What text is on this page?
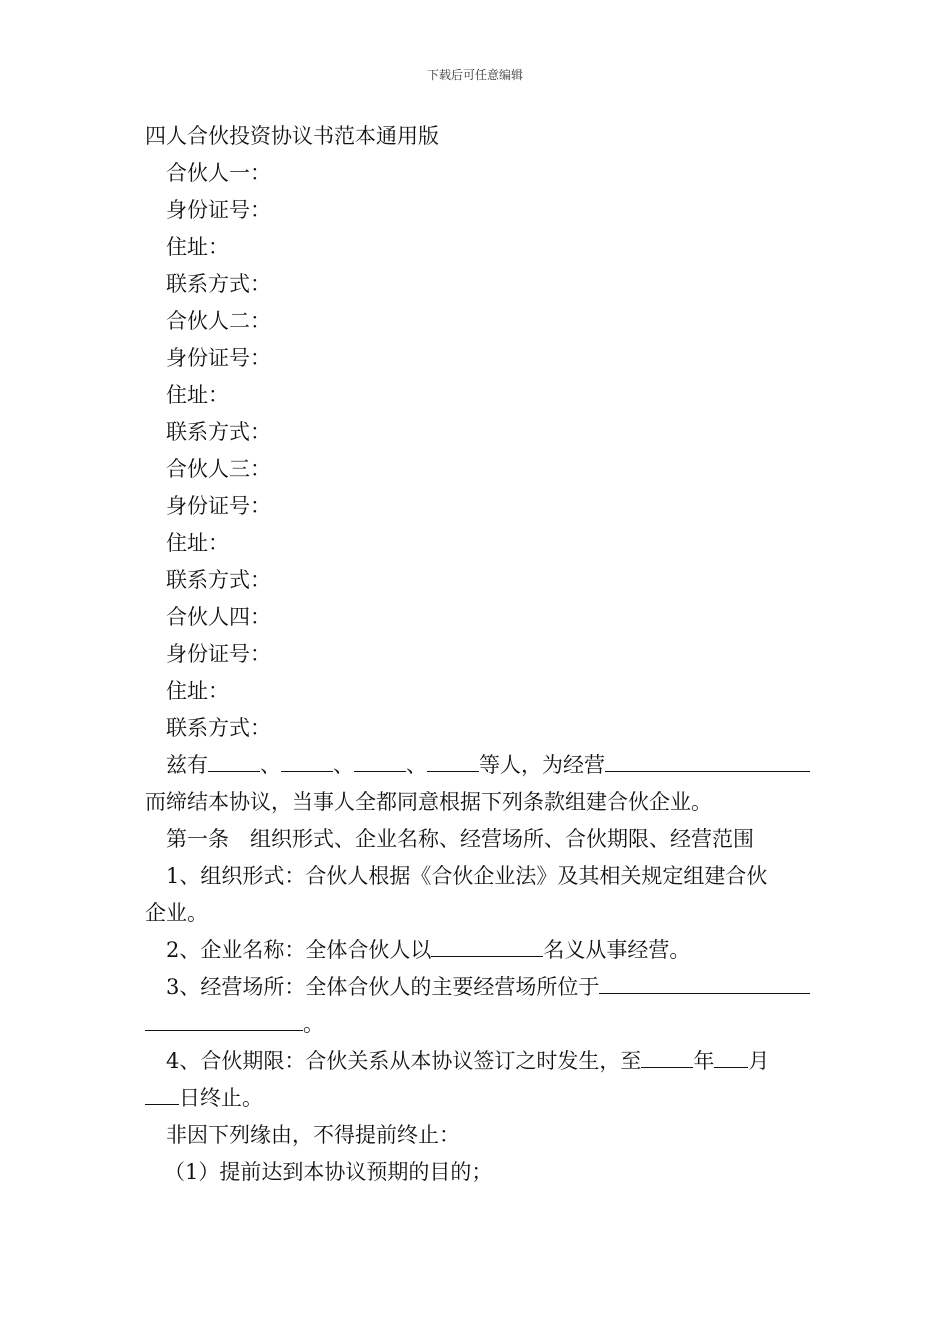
下载后可任意编辑
四人合伙投资协议书范本通用版
合伙人一：
身份证号：
住址：
联系方式：
合伙人二：
身份证号：
住址：
联系方式：
合伙人三：
身份证号：
住址：
联系方式：
合伙人四：
身份证号：
住址：
联系方式：
兹有 、 、 、 等人，为经营
而缔结本协议，当事人全都同意根据下列条款组建合伙企业。
第一条　组织形式、企业名称、经营场所、合伙期限、经营范围
1、组织形式：合伙人根据《合伙企业法》及其相关规定组建合伙
企业。
2、企业名称：全体合伙人以	名义从事经营。
3、经营场所：全体合伙人的主要经营场所位于
。
4、合伙期限：合伙关系从本协议签订之时发生，至 年 月
日终止。
非因下列缘由，不得提前终止：
（1）提前达到本协议预期的目的；
